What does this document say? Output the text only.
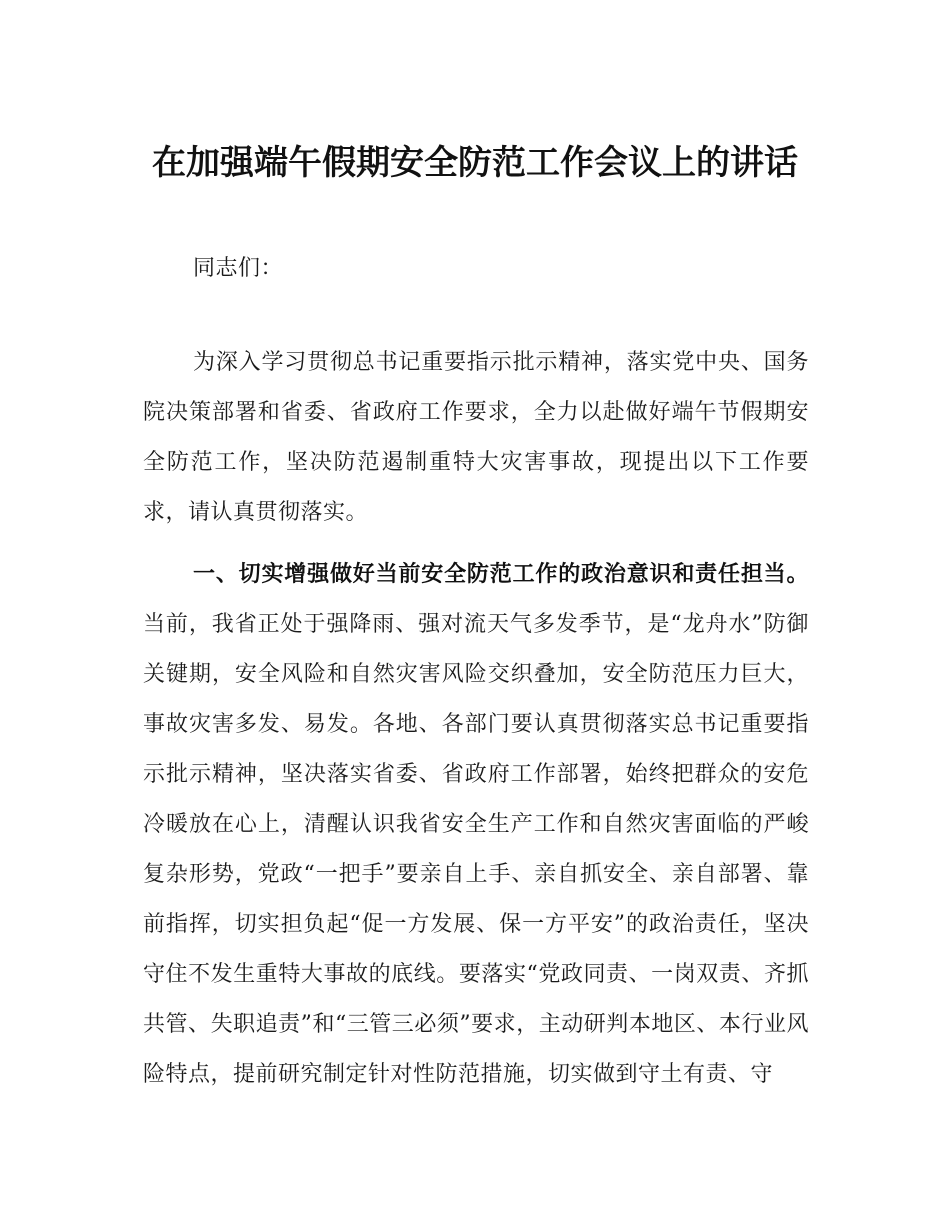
在加强端午假期安全防范工作会议上的讲话

同志们：

为深入学习贯彻总书记重要指示批示精神，落实党中央、国务院决策部署和省委、省政府工作要求，全力以赴做好端午节假期安全防范工作，坚决防范遏制重特大灾害事故，现提出以下工作要求，请认真贯彻落实。

一、切实增强做好当前安全防范工作的政治意识和责任担当。当前，我省正处于强降雨、强对流天气多发季节，是“龙舟水”防御关键期，安全风险和自然灾害风险交织叠加，安全防范压力巨大，事故灾害多发、易发。各地、各部门要认真贯彻落实总书记重要指示批示精神，坚决落实省委、省政府工作部署，始终把群众的安危冷暖放在心上，清醒认识我省安全生产工作和自然灾害面临的严峻复杂形势，党政“一把手”要亲自上手、亲自抓安全、亲自部署、靠前指挥，切实担负起“促一方发展、保一方平安”的政治责任，坚决守住不发生重特大事故的底线。要落实“党政同责、一岗双责、齐抓共管、失职追责”和“三管三必须”要求，主动研判本地区、本行业风险特点，提前研究制定针对性防范措施，切实做到守土有责、守
